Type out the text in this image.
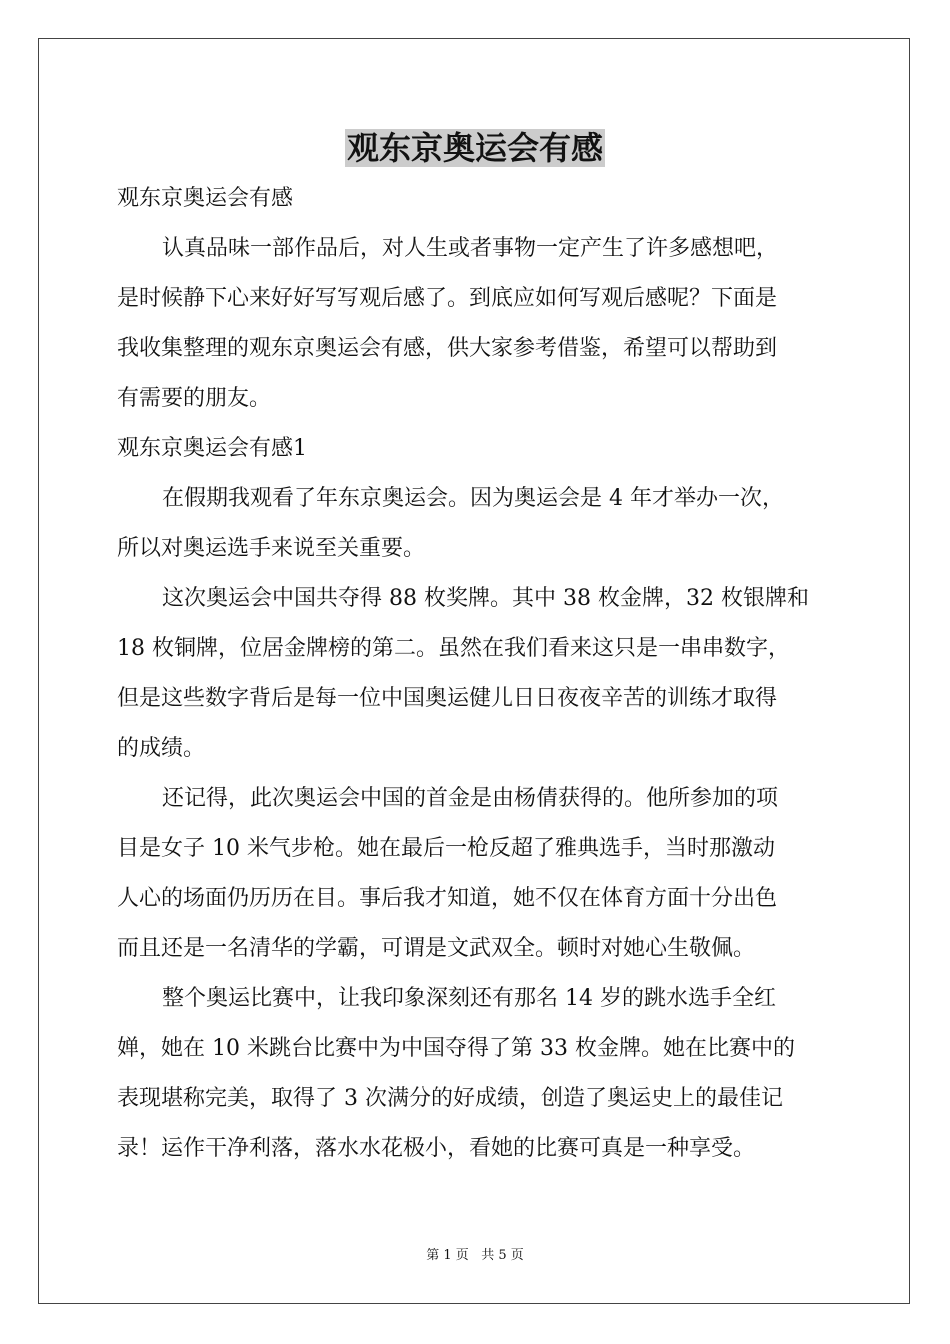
观东京奥运会有感

观东京奥运会有感

认真品味一部作品后，对人生或者事物一定产生了许多感想吧，

是时候静下心来好好写写观后感了。到底应如何写观后感呢？下面是

我收集整理的观东京奥运会有感，供大家参考借鉴，希望可以帮助到

有需要的朋友。

观东京奥运会有感1

在假期我观看了年东京奥运会。因为奥运会是 4 年才举办一次，

所以对奥运选手来说至关重要。

这次奥运会中国共夺得 88 枚奖牌。其中 38 枚金牌，32 枚银牌和

18 枚铜牌，位居金牌榜的第二。虽然在我们看来这只是一串串数字，

但是这些数字背后是每一位中国奥运健儿日日夜夜辛苦的训练才取得

的成绩。

还记得，此次奥运会中国的首金是由杨倩获得的。他所参加的项

目是女子 10 米气步枪。她在最后一枪反超了雅典选手，当时那激动

人心的场面仍历历在目。事后我才知道，她不仅在体育方面十分出色

而且还是一名清华的学霸，可谓是文武双全。顿时对她心生敬佩。

整个奥运比赛中，让我印象深刻还有那名 14 岁的跳水选手全红

婵，她在 10 米跳台比赛中为中国夺得了第 33 枚金牌。她在比赛中的

表现堪称完美，取得了 3 次满分的好成绩，创造了奥运史上的最佳记

录！运作干净利落，落水水花极小，看她的比赛可真是一种享受。

第 1 页   共 5 页
